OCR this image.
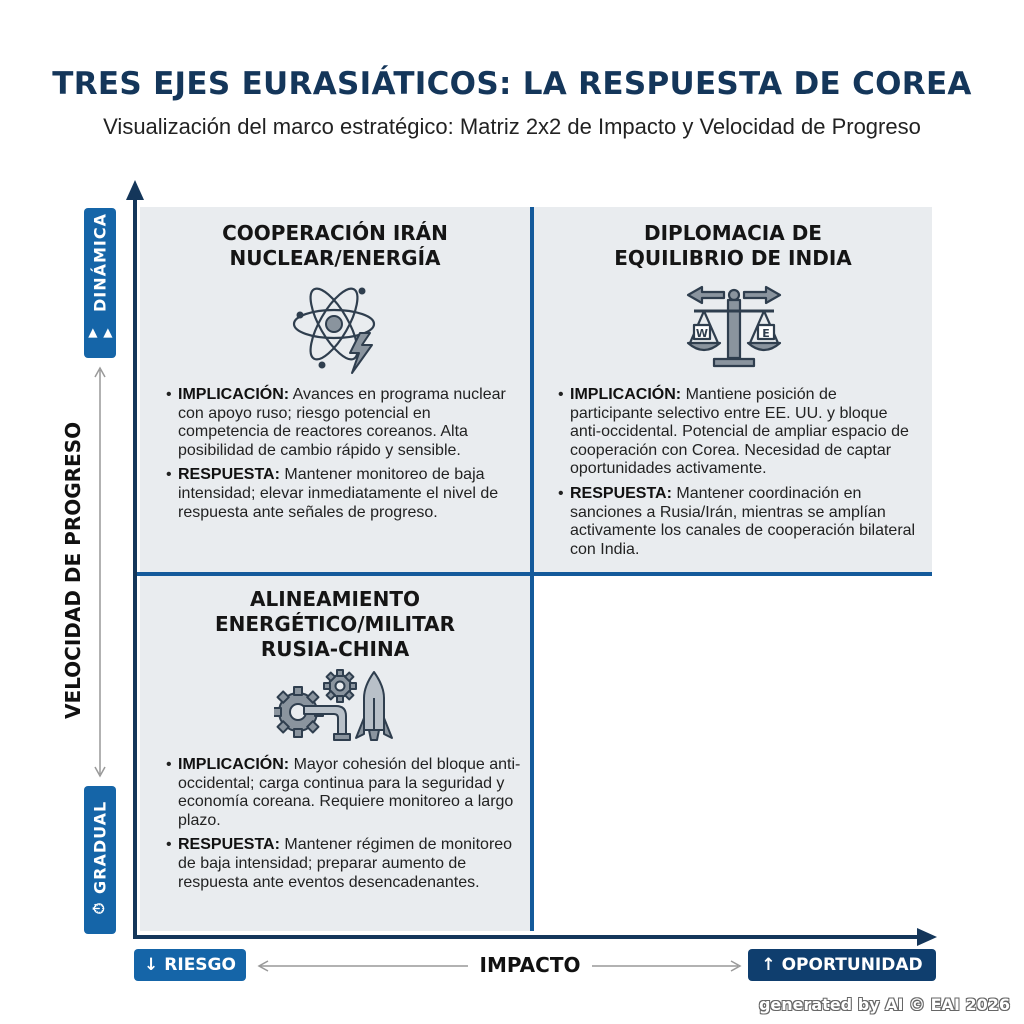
TRES EJES EURASIÁTICOS: LA RESPUESTA DE COREA
Visualización del marco estratégico: Matriz 2x2 de Impacto y Velocidad de Progreso
COOPERACIÓN IRÁN
NUCLEAR/ENERGÍA
• IMPLICACIÓN: Avances en programa nuclear con apoyo ruso; riesgo potencial en competencia de reactores coreanos. Alta posibilidad de cambio rápido y sensible.
• RESPUESTA: Mantener monitoreo de baja intensidad; elevar inmediatamente el nivel de respuesta ante señales de progreso.
DIPLOMACIA DE
EQUILIBRIO DE INDIA
W	E
• IMPLICACIÓN: Mantiene posición de participante selectivo entre EE. UU. y bloque anti-occidental. Potencial de ampliar espacio de cooperación con Corea. Necesidad de captar oportunidades activamente.
• RESPUESTA: Mantener coordinación en sanciones a Rusia/Irán, mientras se amplían activamente los canales de cooperación bilateral con India.
ALINEAMIENTO
ENERGÉTICO/MILITAR
RUSIA-CHINA
• IMPLICACIÓN: Mayor cohesión del bloque anti-occidental; carga continua para la seguridad y economía coreana. Requiere monitoreo a largo plazo.
• RESPUESTA: Mantener régimen de monitoreo de baja intensidad; preparar aumento de respuesta ante eventos desencadenantes.
▶▶
DINÁMICA
⏱
GRADUAL
VELOCIDAD DE PROGRESO
↓ RIESGO	IMPACTO	↑ OPORTUNIDAD
generated by AI © EAI 2026
